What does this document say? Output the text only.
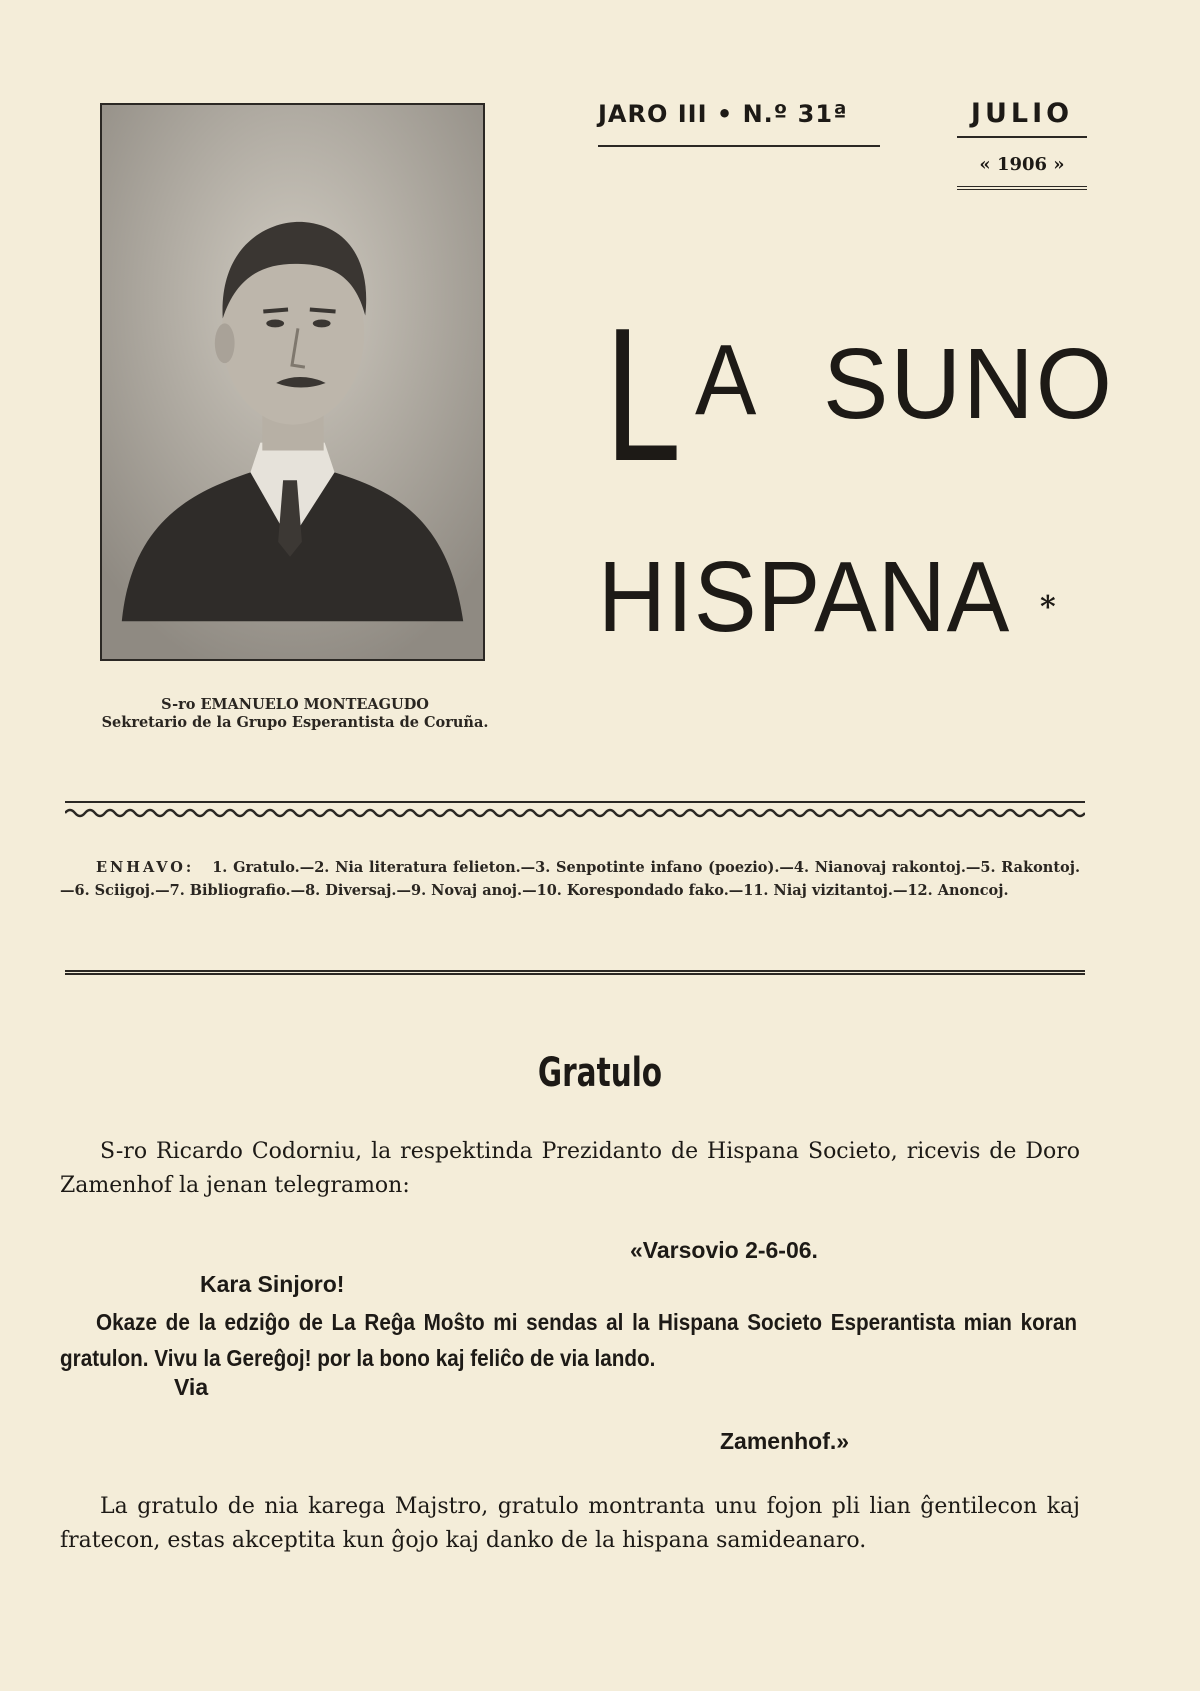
S-ro EMANUELO MONTEAGUDO
Sekretario de la Grupo Esperantista de Coruña.
JARO III • N.º 31ª	JULIO
« 1906 »
L A SUNO
HISPANA *
ENHAVO: 1. Gratulo.—2. Nia literatura felieton.—3. Senpotinte infano (poezio).—4. Nianovaj rakontoj.—5. Rakontoj.—6. Sciigoj.—7. Bibliografio.—8. Diversaj.—9. Novaj anoj.—10. Korespondado fako.—11. Niaj vizitantoj.—12. Anoncoj.
Gratulo
S-ro Ricardo Codorniu, la respektinda Prezidanto de Hispana Societo, ricevis de Doro Zamenhof la jenan telegramon:
«Varsovio 2-6-06.
Kara Sinjoro!
Okaze de la edziĝo de La Reĝa Moŝto mi sendas al la Hispana Societo Esperantista mian koran gratulon. Vivu la Gereĝoj! por la bono kaj feliĉo de via lando.
Via
Zamenhof.»
La gratulo de nia karega Majstro, gratulo montranta unu fojon pli lian ĝentilecon kaj fratecon, estas akceptita kun ĝojo kaj danko de la hispana samideanaro.
